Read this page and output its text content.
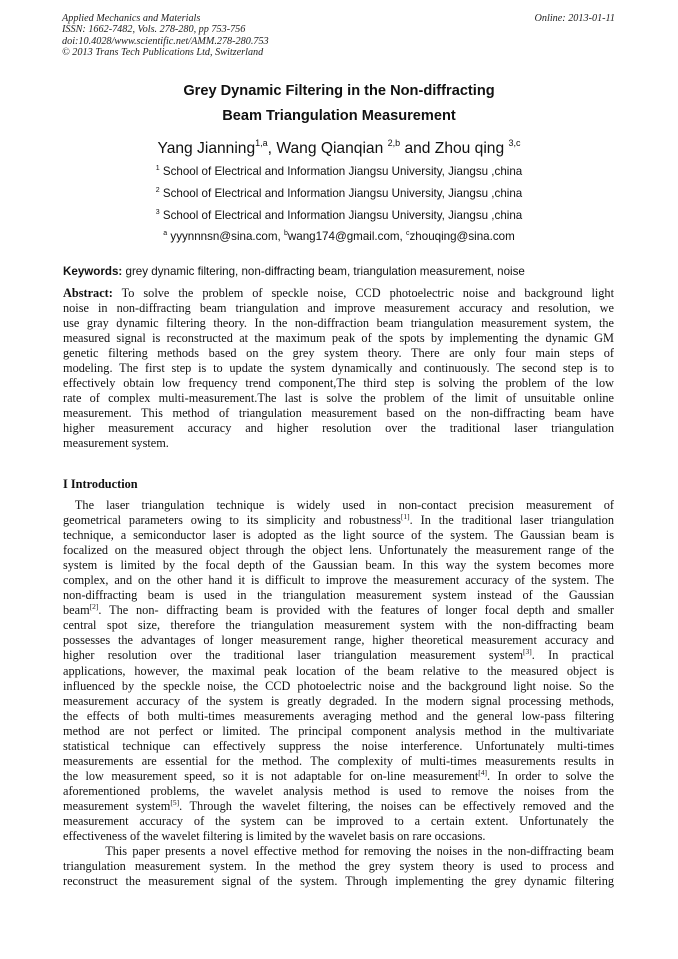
Applied Mechanics and Materials
ISSN: 1662-7482, Vols. 278-280, pp 753-756
doi:10.4028/www.scientific.net/AMM.278-280.753
© 2013 Trans Tech Publications Ltd, Switzerland
Online: 2013-01-11
Grey Dynamic Filtering in the Non-diffracting
Beam Triangulation Measurement
Yang Jianning$^{1,a}$, Wang Qianqian $^{2,b}$ and Zhou qing $^{3,c}$
$^1$ School of Electrical and Information Jiangsu University, Jiangsu ,china
$^2$ School of Electrical and Information Jiangsu University, Jiangsu ,china
$^3$ School of Electrical and Information Jiangsu University, Jiangsu ,china
$^a$ yyynnnsn@sina.com, $^b$wang174@gmail.com, $^c$zhouqing@sina.com
Keywords: grey dynamic filtering, non-diffracting beam, triangulation measurement, noise
Abstract: To solve the problem of speckle noise, CCD photoelectric noise and background light
noise in non-diffracting beam triangulation and improve measurement accuracy and resolution, we
use gray dynamic filtering theory. In the non-diffraction beam triangulation measurement system, the
measured signal is reconstructed at the maximum peak of the spots by implementing the dynamic GM
genetic filtering methods based on the grey system theory. There are only four main steps of
modeling. The first step is to update the system dynamically and continuously. The second step is to
effectively obtain low frequency trend component,The third step is solving the problem of the low
rate of complex multi-measurement.The last is solve the problem of the limit of unsuitable online
measurement. This method of triangulation measurement based on the non-diffracting beam have
higher measurement accuracy and higher resolution over the traditional laser triangulation
measurement system.
I Introduction
The laser triangulation technique is widely used in non-contact precision measurement of
geometrical parameters owing to its simplicity and robustness[1]. In the traditional laser triangulation
technique, a semiconductor laser is adopted as the light source of the system. The Gaussian beam is
focalized on the measured object through the object lens. Unfortunately the measurement range of the
system is limited by the focal depth of the Gaussian beam. In this way the system becomes more
complex, and on the other hand it is difficult to improve the measurement accuracy of the system. The
non-diffracting beam is used in the triangulation measurement system instead of the Gaussian
beam[2]. The non- diffracting beam is provided with the features of longer focal depth and smaller
central spot size, therefore the triangulation measurement system with the non-diffracting beam
possesses the advantages of longer measurement range, higher theoretical measurement accuracy and
higher resolution over the traditional laser triangulation measurement system[3]. In practical
applications, however, the maximal peak location of the beam relative to the measured object is
influenced by the speckle noise, the CCD photoelectric noise and the background light noise. So the
measurement accuracy of the system is greatly degraded. In the modern signal processing methods,
the effects of both multi-times measurements averaging method and the general low-pass filtering
method are not perfect or limited. The principal component analysis method in the multivariate
statistical technique can effectively suppress the noise interference. Unfortunately multi-times
measurements are essential for the method. The complexity of multi-times measurements results in
the low measurement speed, so it is not adaptable for on-line measurement[4]. In order to solve the
aforementioned problems, the wavelet analysis method is used to remove the noises from the
measurement system[5]. Through the wavelet filtering, the noises can be effectively removed and the
measurement accuracy of the system can be improved to a certain extent. Unfortunately the
effectiveness of the wavelet filtering is limited by the wavelet basis on rare occasions.
This paper presents a novel effective method for removing the noises in the non-diffracting beam
triangulation measurement system. In the method the grey system theory is used to process and
reconstruct the measurement signal of the system. Through implementing the grey dynamic filtering
